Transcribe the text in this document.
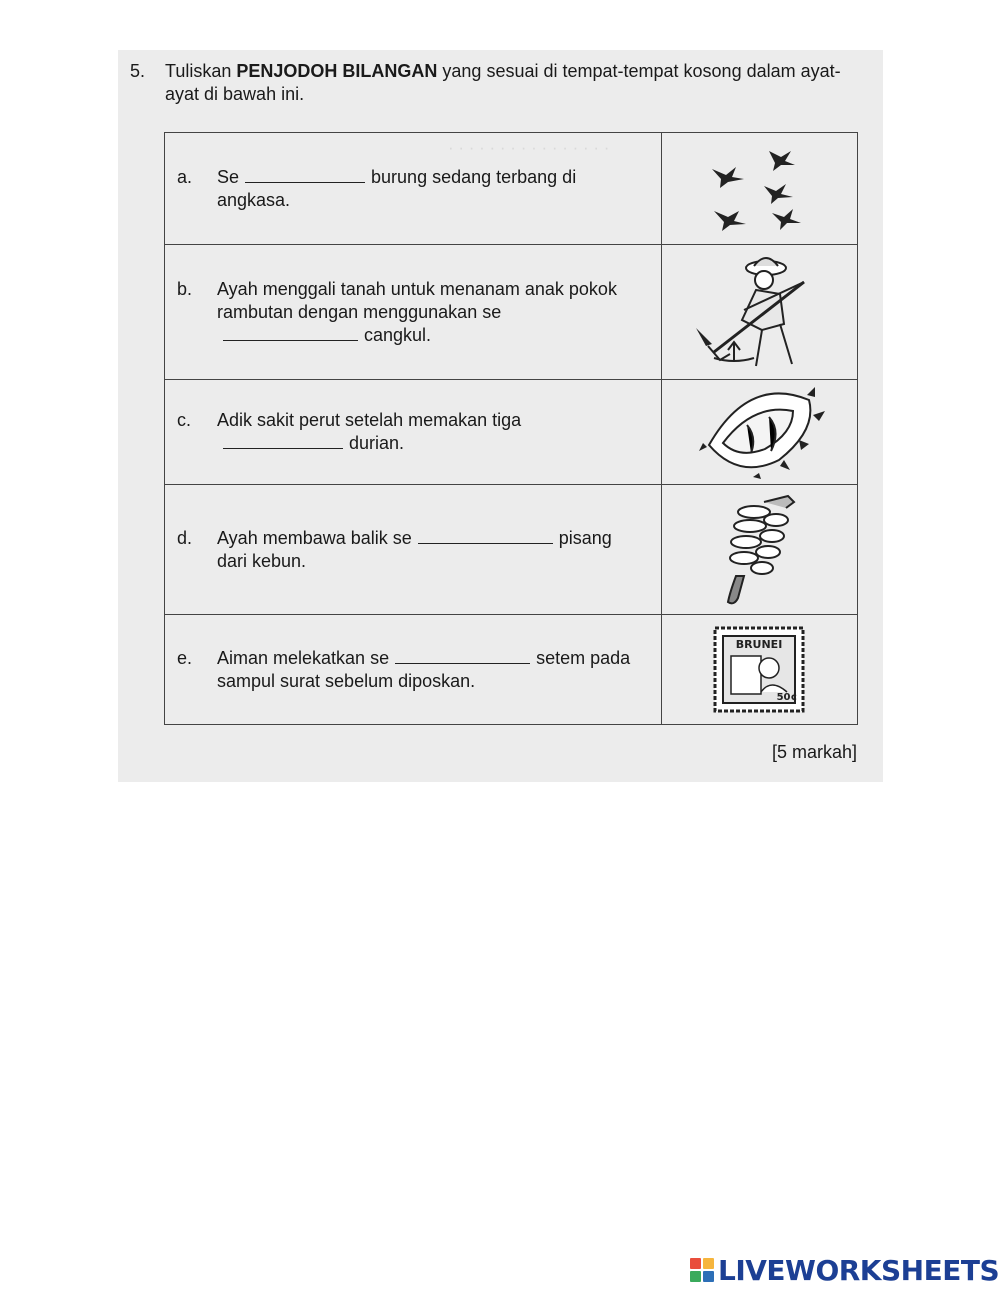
· · · · · · · · · · · · · · · ·
5. Tuliskan PENJODOH BILANGAN yang sesuai di tempat-tempat kosong dalam ayat-ayat di bawah ini.
a. Se burung sedang terbang di angkasa.

b. Ayah menggali tanah untuk menanam anak pokok rambutan dengan menggunakan secangkul.

c. Adik sakit perut setelah memakan tigadurian.

d. Ayah membawa balik se pisang dari kebun.

e. Aiman melekatkan se setem pada sampul surat sebelum diposkan.	BRUNEI
50¢
[5 markah]
LIVEWORKSHEETS
